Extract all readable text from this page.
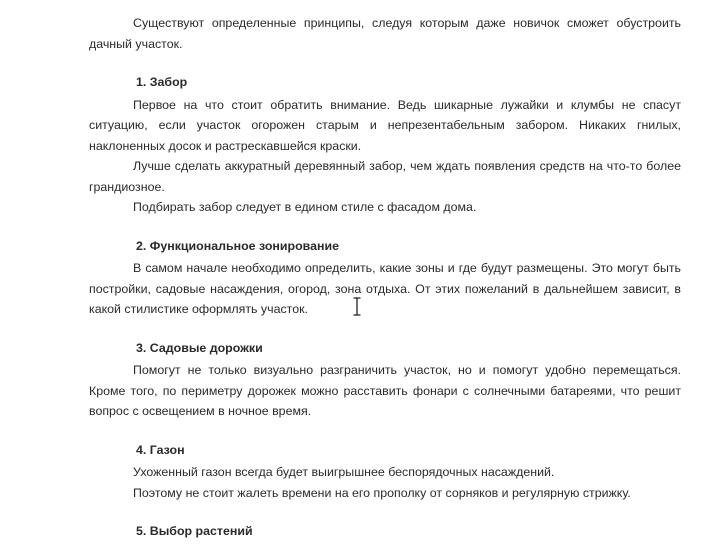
Существуют определенные принципы, следуя которым даже новичок сможет обустроить дачный участок.

1. Забор

Первое на что стоит обратить внимание. Ведь шикарные лужайки и клумбы не спасут ситуацию, если участок огорожен старым и непрезентабельным забором. Никаких гнилых, наклоненных досок и растрескавшейся краски.

Лучше сделать аккуратный деревянный забор, чем ждать появления средств на что-то более грандиозное.

Подбирать забор следует в едином стиле с фасадом дома.

2. Функциональное зонирование

В самом начале необходимо определить, какие зоны и где будут размещены. Это могут быть постройки, садовые насаждения, огород, зона отдыха. От этих пожеланий в дальнейшем зависит, в какой стилистике оформлять участок.

3. Садовые дорожки

Помогут не только визуально разграничить участок, но и помогут удобно перемещаться. Кроме того, по периметру дорожек можно расставить фонари с солнечными батареями, что решит вопрос с освещением в ночное время.

4. Газон

Ухоженный газон всегда будет выигрышнее беспорядочных насаждений.

Поэтому не стоит жалеть времени на его прополку от сорняков и регулярную стрижку.

5. Выбор растений
